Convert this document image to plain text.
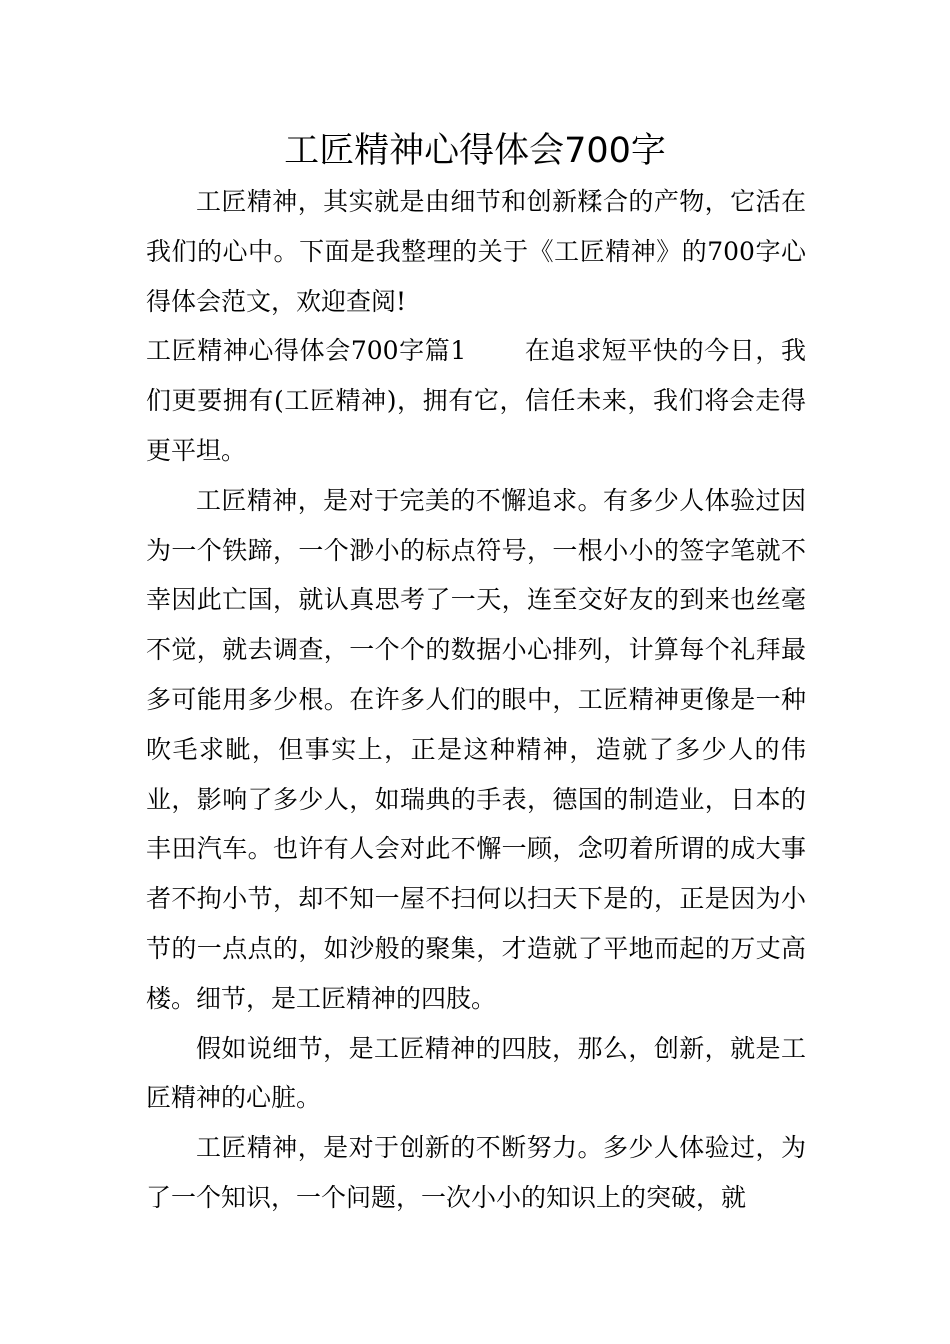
工匠精神心得体会700字

工匠精神，其实就是由细节和创新糅合的产物，它活在我们的心中。下面是我整理的关于《工匠精神》的700字心得体会范文，欢迎查阅!

工匠精神心得体会700字篇1 在追求短平快的今日，我们更要拥有(工匠精神)，拥有它，信任未来，我们将会走得更平坦。

工匠精神，是对于完美的不懈追求。有多少人体验过因为一个铁蹄，一个渺小的标点符号，一根小小的签字笔就不幸因此亡国，就认真思考了一天，连至交好友的到来也丝毫不觉，就去调查，一个个的数据小心排列，计算每个礼拜最多可能用多少根。在许多人们的眼中，工匠精神更像是一种吹毛求眦，但事实上，正是这种精神，造就了多少人的伟业，影响了多少人，如瑞典的手表，德国的制造业，日本的丰田汽车。也许有人会对此不懈一顾，念叨着所谓的成大事者不拘小节，却不知一屋不扫何以扫天下是的，正是因为小节的一点点的，如沙般的聚集，才造就了平地而起的万丈高楼。细节，是工匠精神的四肢。

假如说细节，是工匠精神的四肢，那么，创新，就是工匠精神的心脏。

工匠精神，是对于创新的不断努力。多少人体验过，为了一个知识，一个问题，一次小小的知识上的突破，就
